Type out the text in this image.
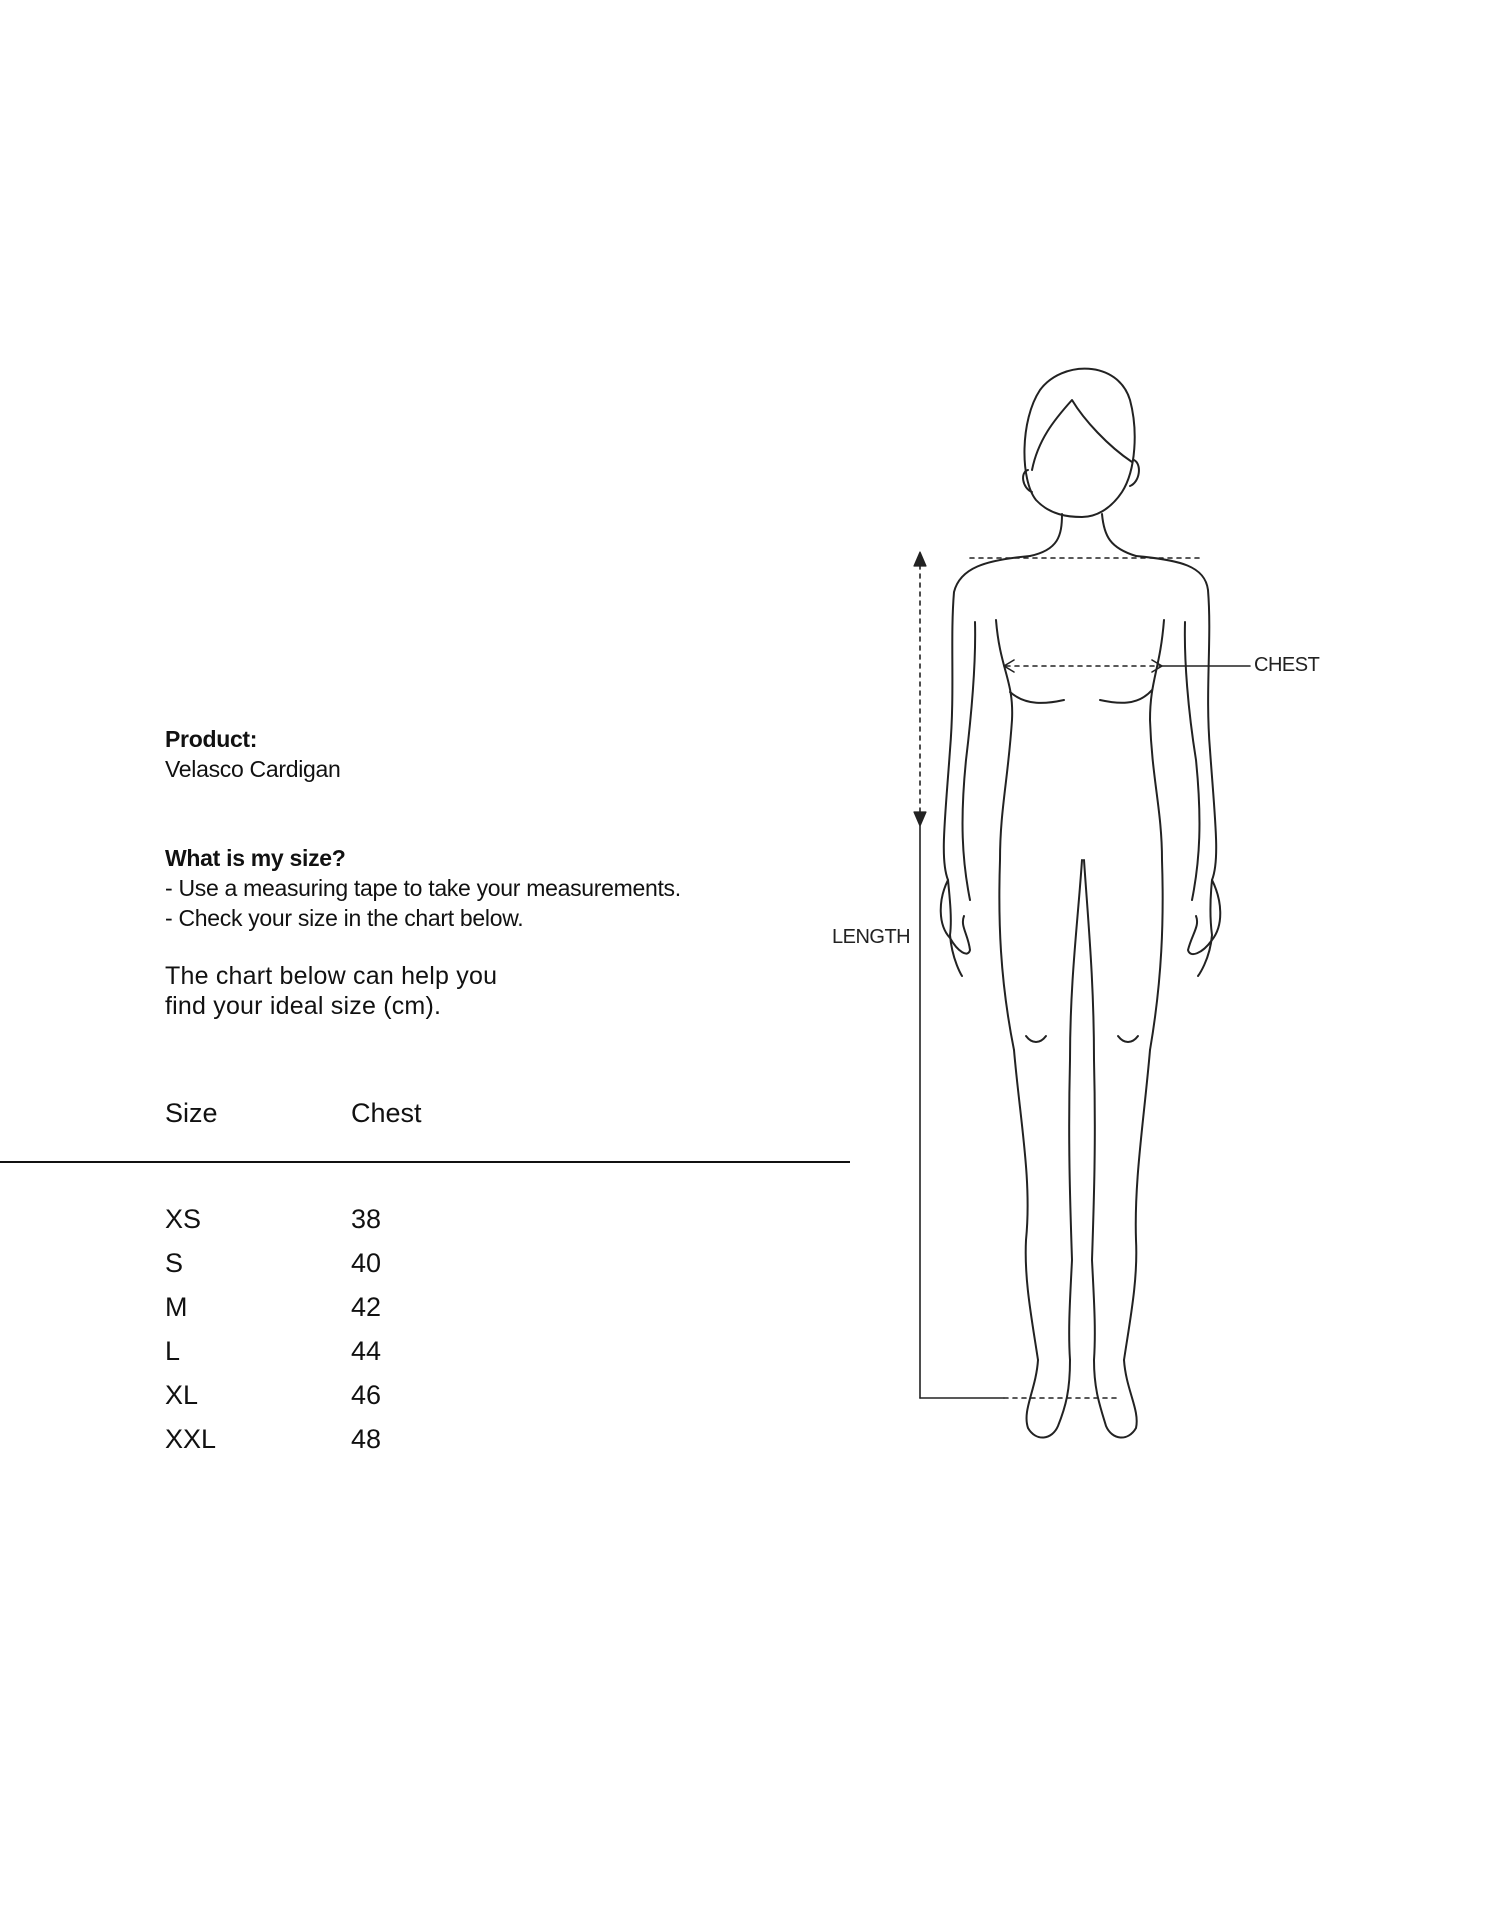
Product:
Velasco Cardigan
What is my size?
- Use a measuring tape to take your measurements.
- Check your size in the chart below.
The chart below can help you
find your ideal size (cm).
Size	Chest
XS	38
S	40
M	42
L	44
XL	46
XXL	48
CHEST
LENGTH
